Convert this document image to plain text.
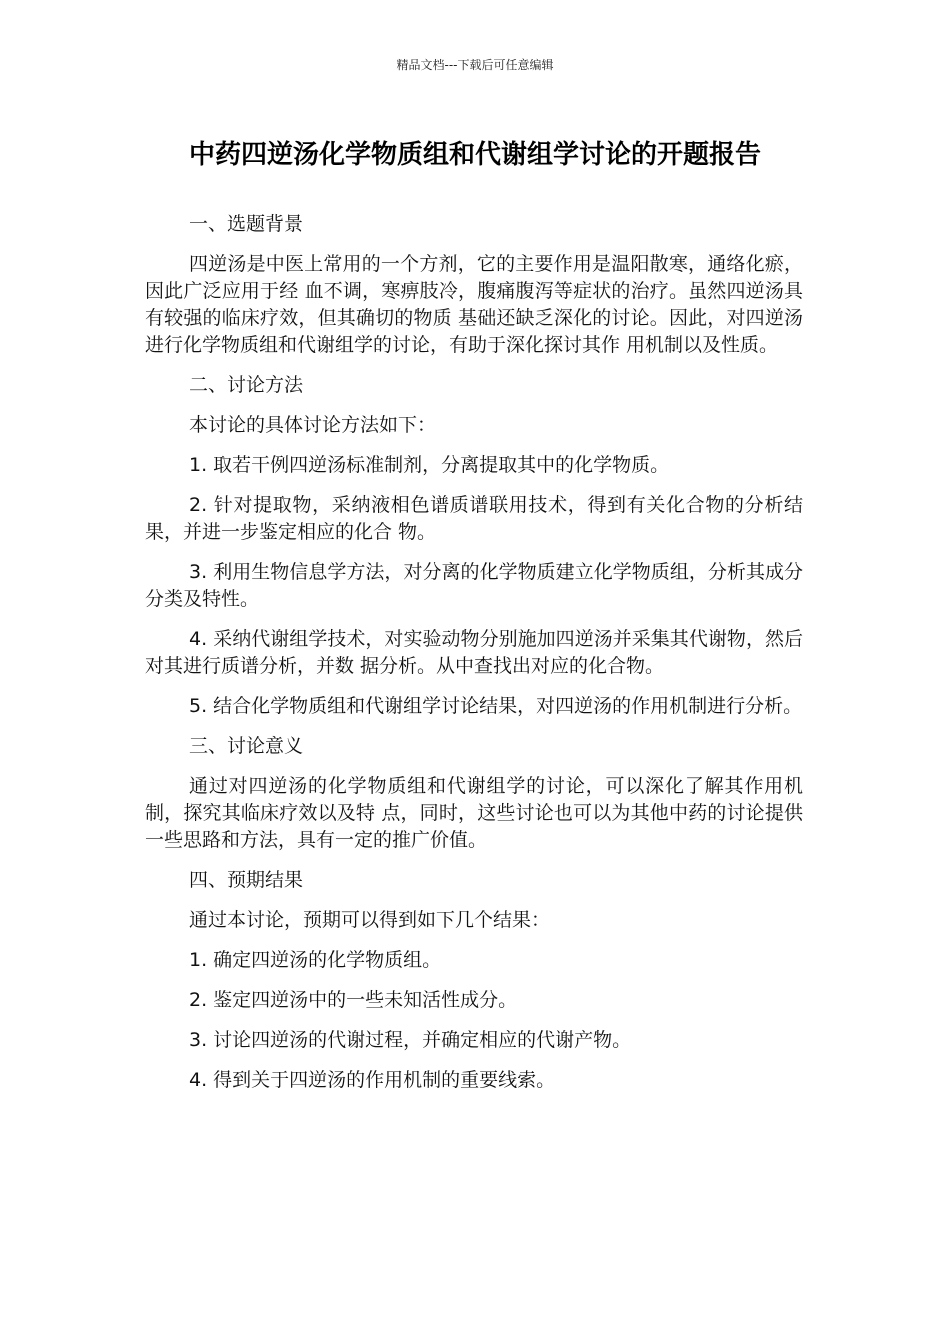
精品文档---下载后可任意编辑
中药四逆汤化学物质组和代谢组学讨论的开题报告

一、选题背景

四逆汤是中医上常用的一个方剂，它的主要作用是温阳散寒，通络化瘀，因此广泛应用于经 血不调，寒痹肢冷，腹痛腹泻等症状的治疗。虽然四逆汤具有较强的临床疗效，但其确切的物质 基础还缺乏深化的讨论。因此，对四逆汤进行化学物质组和代谢组学的讨论，有助于深化探讨其作 用机制以及性质。

二、讨论方法

本讨论的具体讨论方法如下：

1. 取若干例四逆汤标准制剂，分离提取其中的化学物质。

2. 针对提取物，采纳液相色谱质谱联用技术，得到有关化合物的分析结果，并进一步鉴定相应的化合 物。

3. 利用生物信息学方法，对分离的化学物质建立化学物质组，分析其成分分类及特性。

4. 采纳代谢组学技术，对实验动物分别施加四逆汤并采集其代谢物，然后对其进行质谱分析，并数 据分析。从中查找出对应的化合物。

5. 结合化学物质组和代谢组学讨论结果，对四逆汤的作用机制进行分析。

三、讨论意义

通过对四逆汤的化学物质组和代谢组学的讨论，可以深化了解其作用机制，探究其临床疗效以及特 点，同时，这些讨论也可以为其他中药的讨论提供一些思路和方法，具有一定的推广价值。

四、预期结果

通过本讨论，预期可以得到如下几个结果：

1. 确定四逆汤的化学物质组。

2. 鉴定四逆汤中的一些未知活性成分。

3. 讨论四逆汤的代谢过程，并确定相应的代谢产物。

4. 得到关于四逆汤的作用机制的重要线索。
